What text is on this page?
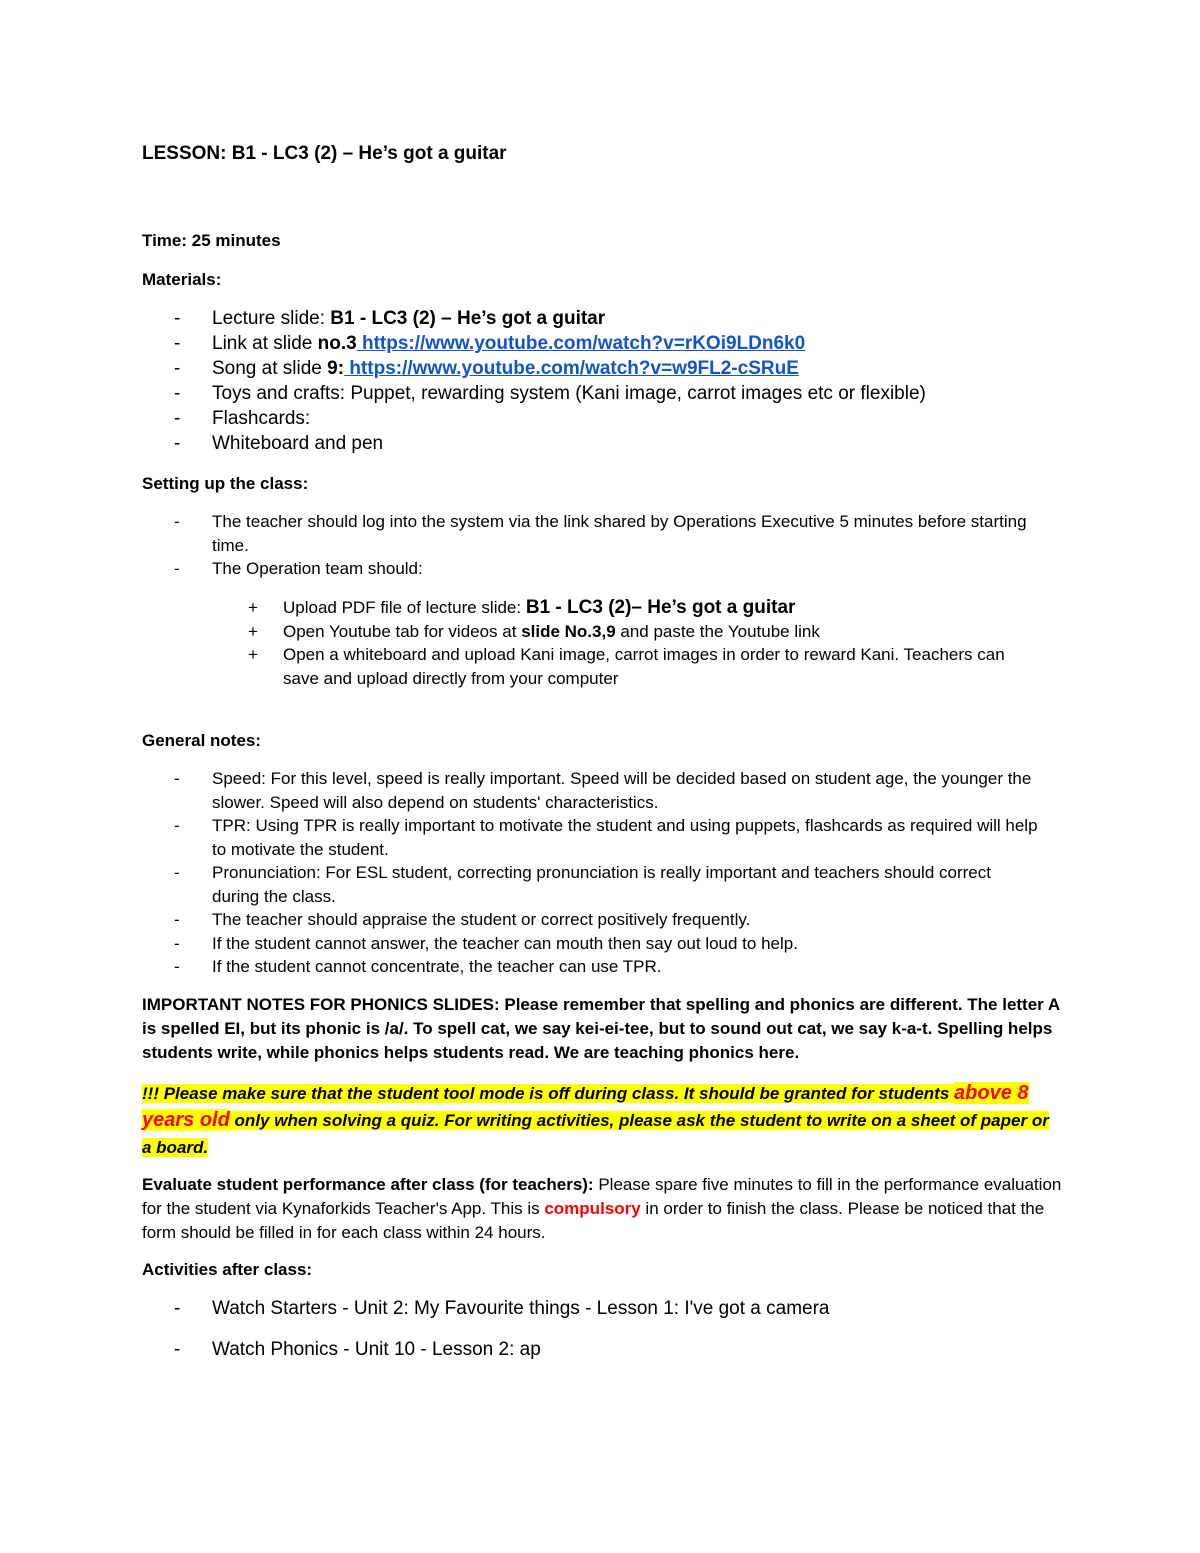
LESSON: B1 - LC3 (2) – He’s got a guitar
Time: 25 minutes
Materials:
- Lecture slide: B1 - LC3 (2) – He’s got a guitar
- Link at slide no.3 https://www.youtube.com/watch?v=rKOi9LDn6k0
- Song at slide 9: https://www.youtube.com/watch?v=w9FL2-cSRuE
- Toys and crafts: Puppet, rewarding system (Kani image, carrot images etc or flexible)
- Flashcards:
- Whiteboard and pen
Setting up the class:
- The teacher should log into the system via the link shared by Operations Executive 5 minutes before starting time.
- The Operation team should:
+ Upload PDF file of lecture slide: B1 - LC3 (2)– He’s got a guitar
+ Open Youtube tab for videos at slide No.3,9 and paste the Youtube link
+ Open a whiteboard and upload Kani image, carrot images in order to reward Kani. Teachers can save and upload directly from your computer
General notes:
- Speed: For this level, speed is really important. Speed will be decided based on student age, the younger the slower. Speed will also depend on students' characteristics.
- TPR: Using TPR is really important to motivate the student and using puppets, flashcards as required will help to motivate the student.
- Pronunciation: For ESL student, correcting pronunciation is really important and teachers should correct during the class.
- The teacher should appraise the student or correct positively frequently.
- If the student cannot answer, the teacher can mouth then say out loud to help.
- If the student cannot concentrate, the teacher can use TPR.
IMPORTANT NOTES FOR PHONICS SLIDES: Please remember that spelling and phonics are different. The letter A is spelled EI, but its phonic is /a/. To spell cat, we say kei-ei-tee, but to sound out cat, we say k-a-t. Spelling helps students write, while phonics helps students read. We are teaching phonics here.
!!! Please make sure that the student tool mode is off during class. It should be granted for students above 8 years old only when solving a quiz. For writing activities, please ask the student to write on a sheet of paper or a board.
Evaluate student performance after class (for teachers): Please spare five minutes to fill in the performance evaluation for the student via Kynaforkids Teacher's App. This is compulsory in order to finish the class. Please be noticed that the form should be filled in for each class within 24 hours.
Activities after class:
- Watch Starters - Unit 2: My Favourite things - Lesson 1: I've got a camera
- Watch Phonics - Unit 10 - Lesson 2: ap
